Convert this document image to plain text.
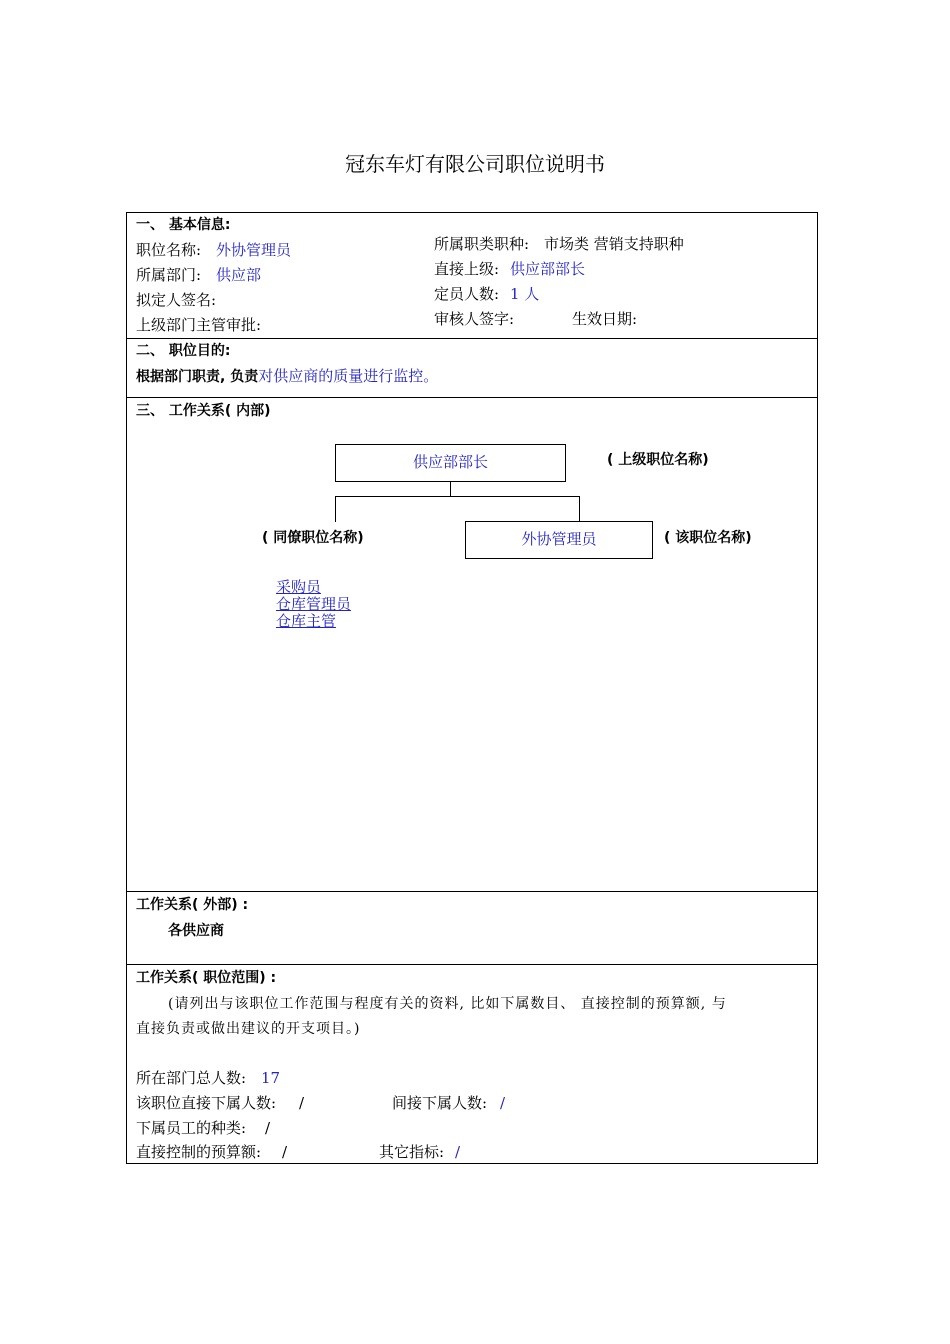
冠东车灯有限公司职位说明书
一、 基本信息:
职位名称: 外协管理员
所属部门: 供应部
拟定人签名:
上级部门主管审批:
所属职类职种: 市场类 营销支持职种
直接上级: 供应部部长
定员人数: 1 人
审核人签字:	生效日期:
二、 职位目的:
根据部门职责, 负责对供应商的质量进行监控。
三、 工作关系( 内部)
供应部部长	( 上级职位名称)
( 同僚职位名称)	外协管理员	( 该职位名称)
采购员
仓库管理员
仓库主管
工作关系( 外部) :
各供应商
工作关系( 职位范围) :
(请列出与该职位工作范围与程度有关的资料, 比如下属数目、 直接控制的预算额, 与
直接负责或做出建议的开支项目。)
所在部门总人数: 17
该职位直接下属人数: /	间接下属人数: /
下属员工的种类: /
直接控制的预算额: /	其它指标: /
